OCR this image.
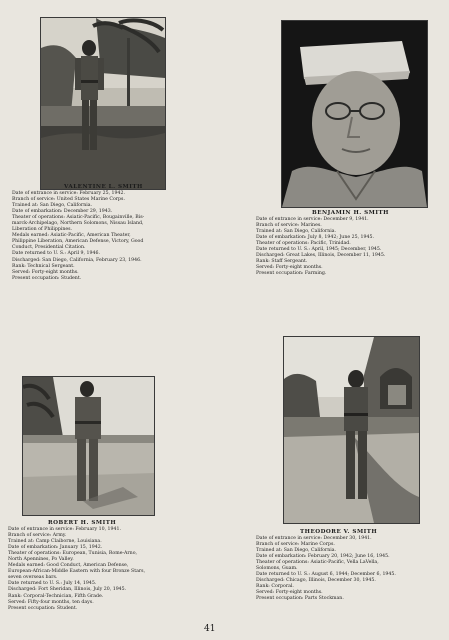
VALENTINE L. SMITH
Date of entrance in service: February 25, 1942.
Branch of service: United States Marine Corps.
Trained at: San Diego, California.
Date of embarkation: December 29, 1943.
Theater of operations: Asiatic-Pacific, Bougainville, Bis-
marck-Archipelago, Northern Solomons, Nissau Island,
Liberation of Philippines.
Medals earned: Asiatic-Pacific, American Theater,
Philippine Liberation, American Defense, Victory, Good
Conduct, Presidential Citation.
Date returned to U. S.: April 9, 1946.
Discharged: San Diego, California, February 23, 1946.
Rank: Technical Sergeant.
Served: Forty-eight months.
Present occupation: Student.
BENJAMIN H. SMITH
Date of entrance in service: December 9, 1941.
Branch of service: Marines.
Trained at: San Diego, California.
Date of embarkation: July 8, 1942; June 25, 1945.
Theater of operations: Pacific, Trinidad.
Date returned to U. S.: April, 1945; December, 1945.
Discharged: Great Lakes, Illinois, December 11, 1945.
Rank: Staff Sergeant.
Served: Forty-eight months.
Present occupation: Farming.
ROBERT H. SMITH
Date of entrance in service: February 10, 1941.
Branch of service: Army.
Trained at: Camp Claiborne, Louisiana.
Date of embarkation: January 15, 1942.
Theater of operations: European, Tunisia, Rome-Arno,
North Apennines, Po Valley.
Medals earned: Good Conduct, American Defense,
European-African-Middle Eastern with four Bronze Stars,
seven overseas bars.
Date returned to U. S.: July 14, 1945.
Discharged: Fort Sheridan, Illinois, July 20, 1945.
Rank: Corporal-Technician, Fifth Grade.
Served: Fifty-four months, ten days.
Present occupation: Student.
THEODORE V. SMITH
Date of entrance in service: December 30, 1941.
Branch of service: Marine Corps.
Trained at: San Diego, California.
Date of embarkation: February 20, 1942; June 16, 1945.
Theater of operations: Asiatic-Pacific, Vella LaVella,
Solomons, Guam.
Date returned to U. S.: August 6, 1944; December 6, 1945.
Discharged: Chicago, Illinois, December 30, 1945.
Rank: Corporal.
Served: Forty-eight months.
Present occupation: Parts Stockman.
41
